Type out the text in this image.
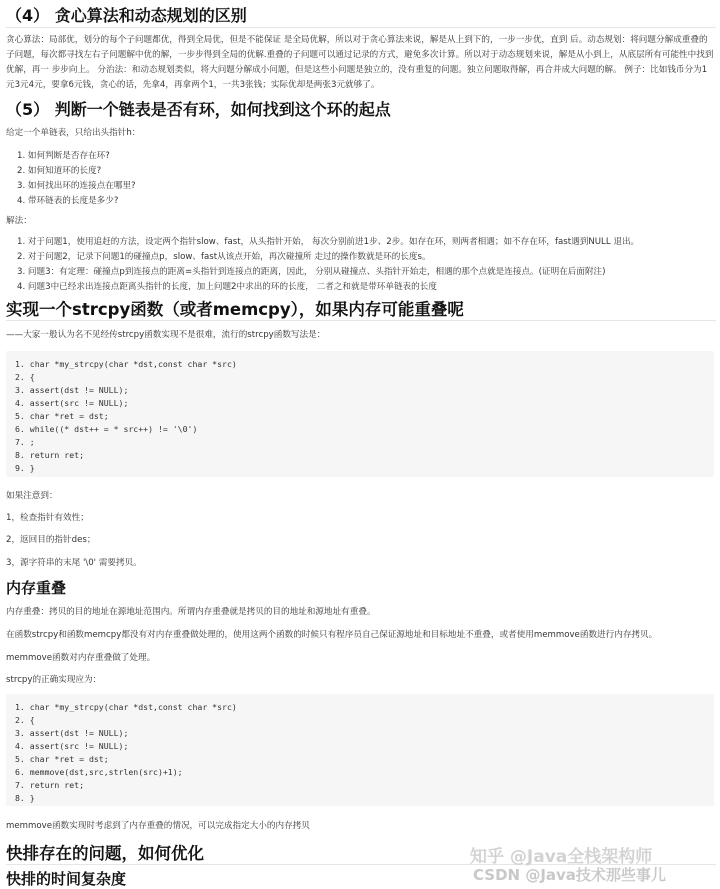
（4） 贪心算法和动态规划的区别
贪心算法：局部优，划分的每个子问题都优，得到全局优，但是不能保证 是全局优解，所以对于贪心算法来说，解是从上到下的，一步一步优，直到 后。动态规划：将问题分解成重叠的子问题，每次都寻找左右子问题解中优的解，一步步得到全局的优解.重叠的子问题可以通过记录的方式，避免多次计算。所以对于动态规划来说，解是从小到上，从底层所有可能性中找到优解，再一 步步向上。 分治法：和动态规划类似，将大问题分解成小问题，但是这些小问题是独立的，没有重复的问题。独立问题取得解，再合并成大问题的解。 例子：比如钱币分为1元3元4元，要拿6元钱，贪心的话，先拿4，再拿两个1，一共3张钱；实际优却是两张3元就够了。
（5） 判断一个链表是否有环，如何找到这个环的起点
给定一个单链表，只给出头指针h：
1. 如何判断是否存在环?
2. 如何知道环的长度?
3. 如何找出环的连接点在哪里?
4. 带环链表的长度是多少?
解法：
1. 对于问题1，使用追赶的方法，设定两个指针slow、fast，从头指针开始， 每次分别前进1步、2步。如存在环，则两者相遇；如不存在环，fast遇到NULL 退出。
2. 对于问题2，记录下问题1的碰撞点p，slow、fast从该点开始，再次碰撞所 走过的操作数就是环的长度s。
3. 问题3：有定理：碰撞点p到连接点的距离=头指针到连接点的距离，因此， 分别从碰撞点、头指针开始走，相遇的那个点就是连接点。(证明在后面附注)
4. 问题3中已经求出连接点距离头指针的长度，加上问题2中求出的环的长度， 二者之和就是带环单链表的长度
实现一个strcpy函数（或者memcpy），如果内存可能重叠呢
——大家一般认为名不见经传strcpy函数实现不是很难，流行的strcpy函数写法是：
1. char *my_strcpy(char *dst,const char *src)
2. {
3. assert(dst != NULL);
4. assert(src != NULL);
5. char *ret = dst;
6. while((* dst++ = * src++) != '\0')
7. ;
8. return ret;
9. }
如果注意到：
1，检查指针有效性；
2，返回目的指针des；
3，源字符串的末尾 '\0' 需要拷贝。
内存重叠
内存重叠：拷贝的目的地址在源地址范围内。所谓内存重叠就是拷贝的目的地址和源地址有重叠。
在函数strcpy和函数memcpy都没有对内存重叠做处理的，使用这两个函数的时候只有程序员自己保证源地址和目标地址不重叠，或者使用memmove函数进行内存拷贝。
memmove函数对内存重叠做了处理。
strcpy的正确实现应为：
1. char *my_strcpy(char *dst,const char *src)
2. {
3. assert(dst != NULL);
4. assert(src != NULL);
5. char *ret = dst;
6. memmove(dst,src,strlen(src)+1);
7. return ret;
8. }
memmove函数实现时考虑到了内存重叠的情况，可以完成指定大小的内存拷贝
快排存在的问题，如何优化
快排的时间复杂度
知乎 @Java全栈架构师
CSDN @Java技术那些事儿
